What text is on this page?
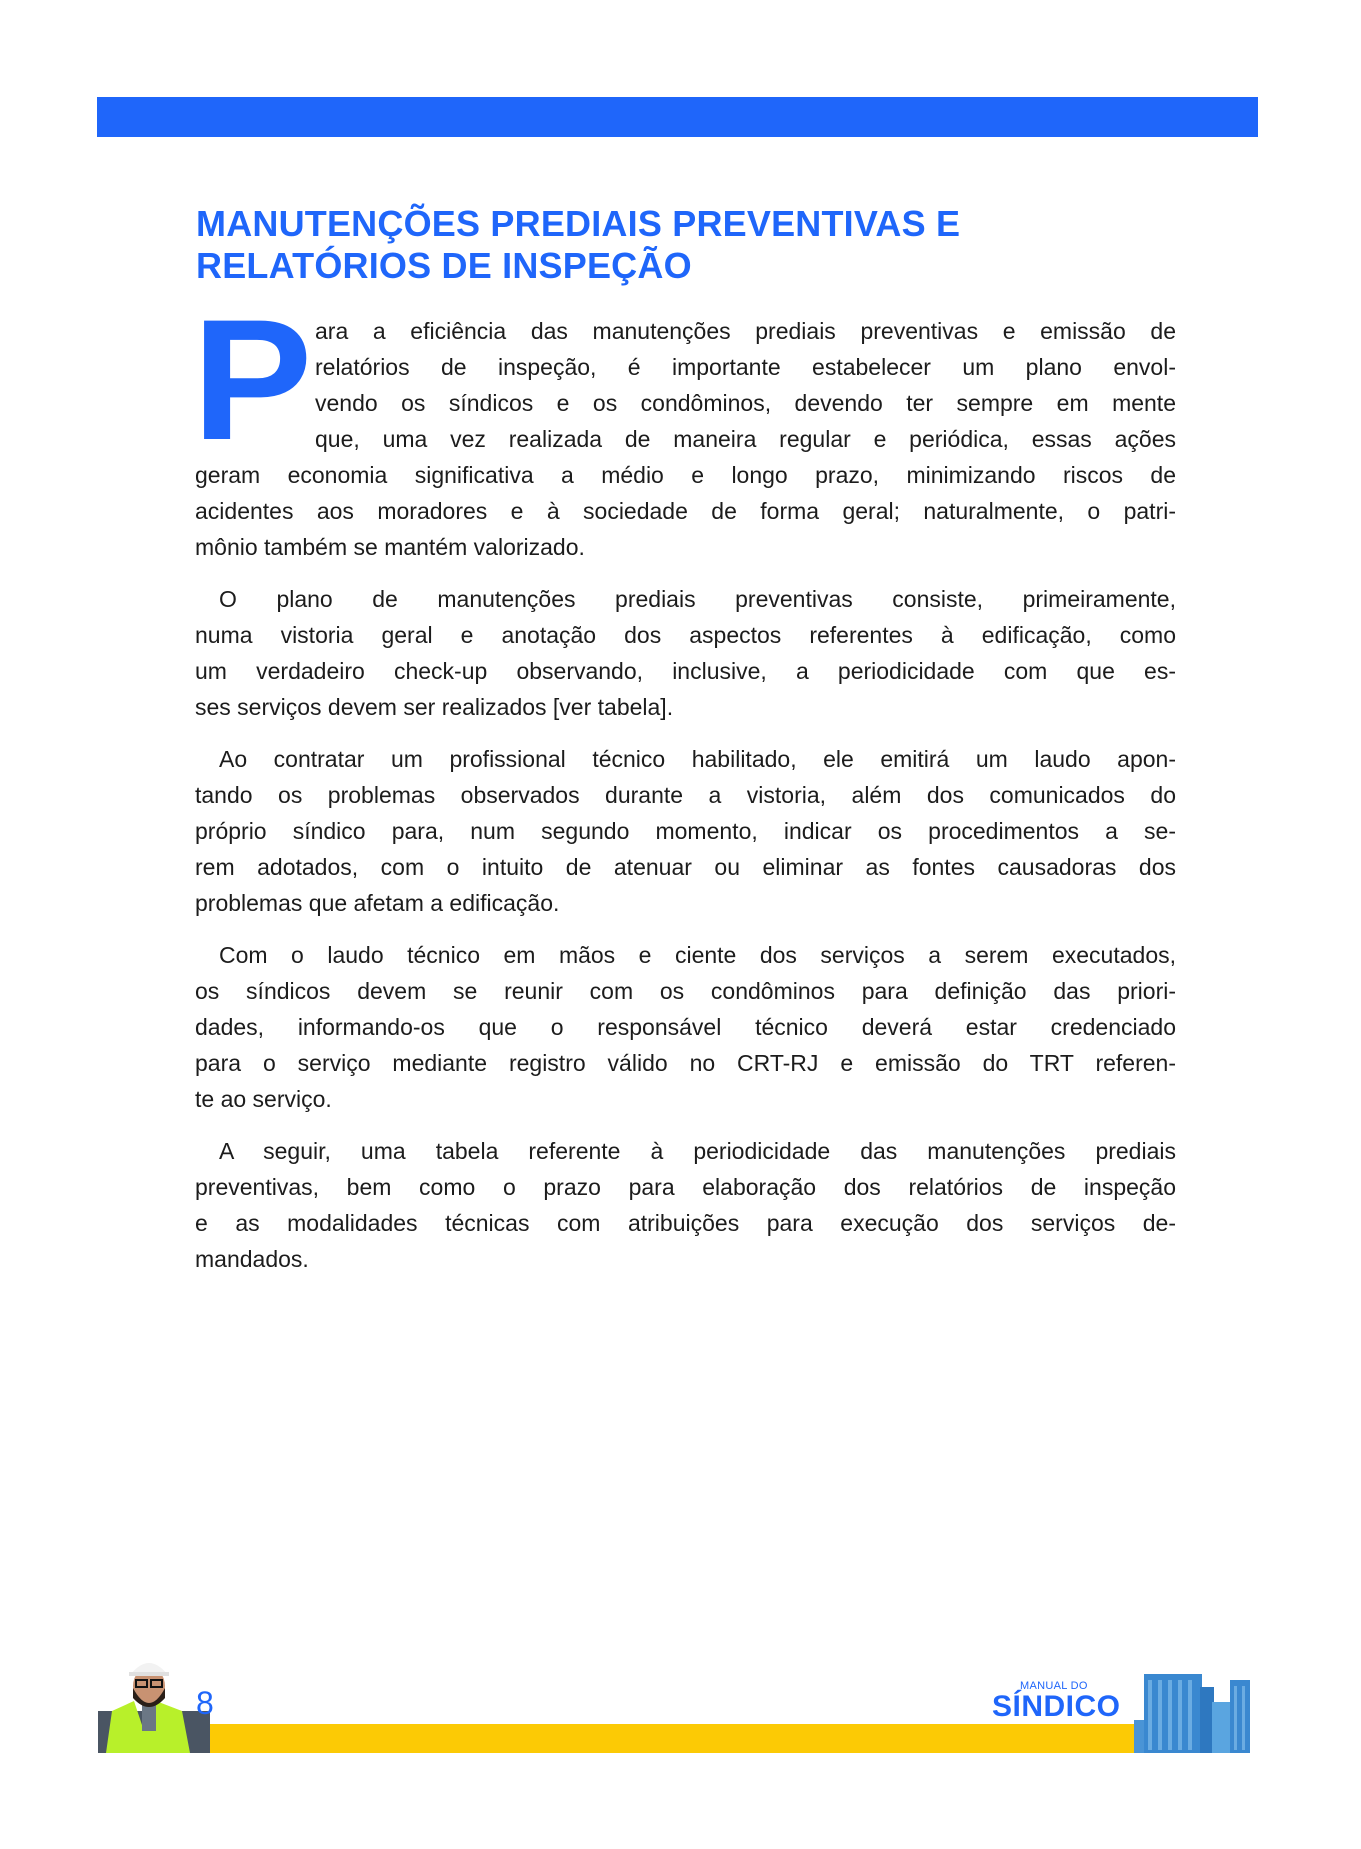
MANUTENÇÕES PREDIAIS PREVENTIVAS E
RELATÓRIOS DE INSPEÇÃO
P ara a eficiência das manutenções prediais preventivas e emissão de
relatórios de inspeção, é importante estabelecer um plano envol-
vendo os síndicos e os condôminos, devendo ter sempre em mente
que, uma vez realizada de maneira regular e periódica, essas ações
geram economia significativa a médio e longo prazo, minimizando riscos de
acidentes aos moradores e à sociedade de forma geral; naturalmente, o patri-
mônio também se mantém valorizado.
O plano de manutenções prediais preventivas consiste, primeiramente,
numa vistoria geral e anotação dos aspectos referentes à edificação, como
um verdadeiro check-up observando, inclusive, a periodicidade com que es-
ses serviços devem ser realizados [ver tabela].
Ao contratar um profissional técnico habilitado, ele emitirá um laudo apon-
tando os problemas observados durante a vistoria, além dos comunicados do
próprio síndico para, num segundo momento, indicar os procedimentos a se-
rem adotados, com o intuito de atenuar ou eliminar as fontes causadoras dos
problemas que afetam a edificação.
Com o laudo técnico em mãos e ciente dos serviços a serem executados,
os síndicos devem se reunir com os condôminos para definição das priori-
dades, informando-os que o responsável técnico deverá estar credenciado
para o serviço mediante registro válido no CRT-RJ e emissão do TRT referen-
te ao serviço.
A seguir, uma tabela referente à periodicidade das manutenções prediais
preventivas, bem como o prazo para elaboração dos relatórios de inspeção
e as modalidades técnicas com atribuições para execução dos serviços de-
mandados.
8	MANUAL DO
SÍNDICO
